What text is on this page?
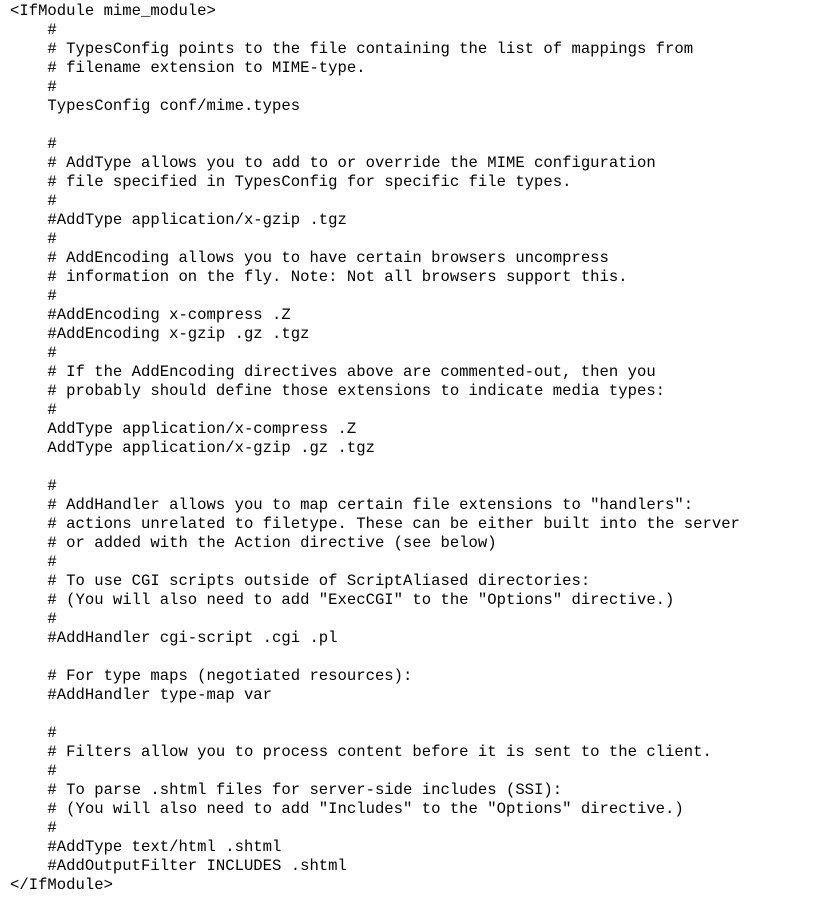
<IfModule mime_module>
#
# TypesConfig points to the file containing the list of mappings from
# filename extension to MIME-type.
#
TypesConfig conf/mime.types
#
# AddType allows you to add to or override the MIME configuration
# file specified in TypesConfig for specific file types.
#
#AddType application/x-gzip .tgz
#
# AddEncoding allows you to have certain browsers uncompress
# information on the fly. Note: Not all browsers support this.
#
#AddEncoding x-compress .Z
#AddEncoding x-gzip .gz .tgz
#
# If the AddEncoding directives above are commented-out, then you
# probably should define those extensions to indicate media types:
#
AddType application/x-compress .Z
AddType application/x-gzip .gz .tgz
#
# AddHandler allows you to map certain file extensions to "handlers":
# actions unrelated to filetype. These can be either built into the server
# or added with the Action directive (see below)
#
# To use CGI scripts outside of ScriptAliased directories:
# (You will also need to add "ExecCGI" to the "Options" directive.)
#
#AddHandler cgi-script .cgi .pl
# For type maps (negotiated resources):
#AddHandler type-map var
#
# Filters allow you to process content before it is sent to the client.
#
# To parse .shtml files for server-side includes (SSI):
# (You will also need to add "Includes" to the "Options" directive.)
#
#AddType text/html .shtml
#AddOutputFilter INCLUDES .shtml
</IfModule>
